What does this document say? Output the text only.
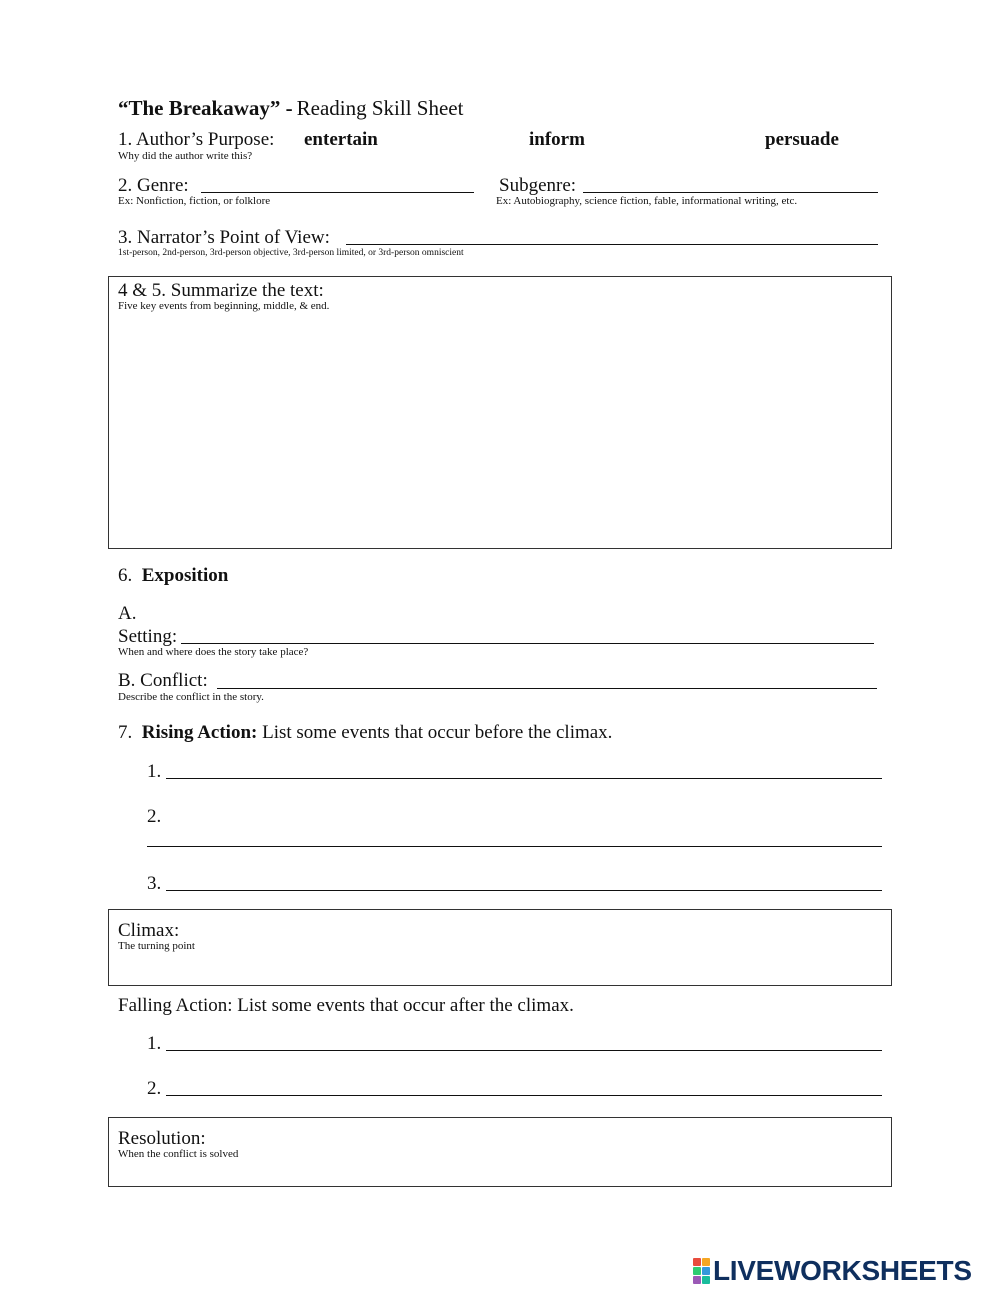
“The Breakaway” - Reading Skill Sheet
1. Author’s Purpose:
Why did the author write this?
entertain	inform	persuade
2. Genre:
Ex: Nonfiction, fiction, or folklore
Subgenre:
Ex: Autobiography, science fiction, fable, informational writing, etc.
3. Narrator’s Point of View:
1st-person, 2nd-person, 3rd-person objective, 3rd-person limited, or 3rd-person omniscient
4 & 5. Summarize the text:
Five key events from beginning, middle, & end.
6. Exposition
A.
Setting:
When and where does the story take place?
B. Conflict:
Describe the conflict in the story.
7. Rising Action: List some events that occur before the climax.
1.
2.
3.
Climax:
The turning point
Falling Action: List some events that occur after the climax.
1.
2.
Resolution:
When the conflict is solved
LIVEWORKSHEETS
